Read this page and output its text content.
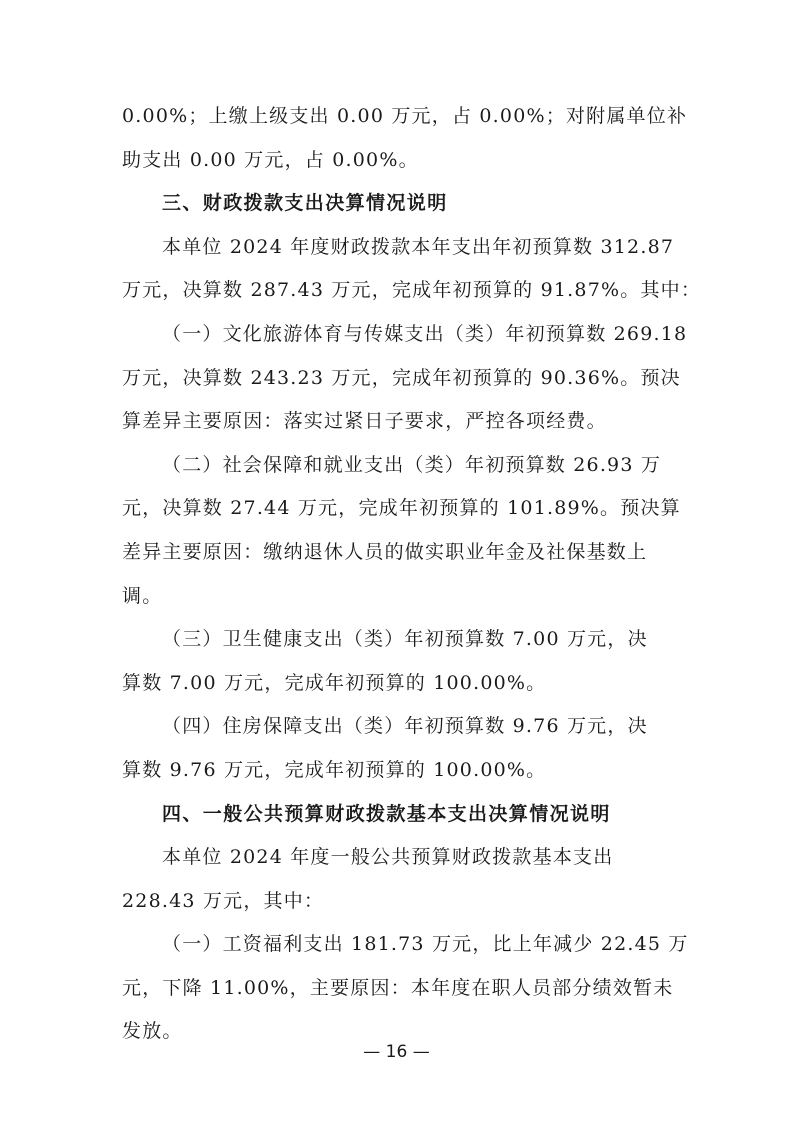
0.00%；上缴上级支出 0.00 万元，占 0.00%；对附属单位补
助支出 0.00 万元，占 0.00%。
三、财政拨款支出决算情况说明
本单位 2024 年度财政拨款本年支出年初预算数 312.87
万元，决算数 287.43 万元，完成年初预算的 91.87%。其中：
（一）文化旅游体育与传媒支出（类）年初预算数 269.18
万元，决算数 243.23 万元，完成年初预算的 90.36%。预决
算差异主要原因：落实过紧日子要求，严控各项经费。
（二）社会保障和就业支出（类）年初预算数 26.93 万
元，决算数 27.44 万元，完成年初预算的 101.89%。预决算
差异主要原因：缴纳退休人员的做实职业年金及社保基数上
调。
（三）卫生健康支出（类）年初预算数 7.00 万元，决
算数 7.00 万元，完成年初预算的 100.00%。
（四）住房保障支出（类）年初预算数 9.76 万元，决
算数 9.76 万元，完成年初预算的 100.00%。
四、一般公共预算财政拨款基本支出决算情况说明
本单位 2024 年度一般公共预算财政拨款基本支出
228.43 万元，其中：
（一）工资福利支出 181.73 万元，比上年减少 22.45 万
元，下降 11.00%，主要原因：本年度在职人员部分绩效暂未
发放。
— 16 —
